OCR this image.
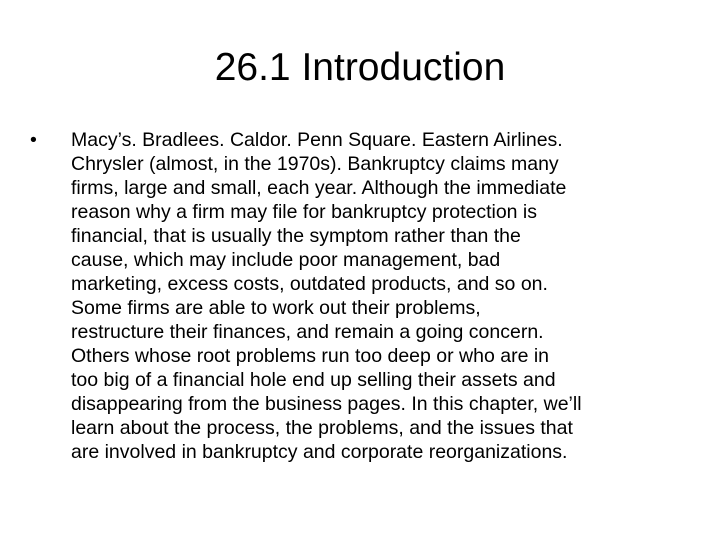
26.1 Introduction
•	Macy’s. Bradlees. Caldor. Penn Square. Eastern Airlines.
Chrysler (almost, in the 1970s). Bankruptcy claims many
firms, large and small, each year. Although the immediate
reason why a firm may file for bankruptcy protection is
financial, that is usually the symptom rather than the
cause, which may include poor management, bad
marketing, excess costs, outdated products, and so on.
Some firms are able to work out their problems,
restructure their finances, and remain a going concern.
Others whose root problems run too deep or who are in
too big of a financial hole end up selling their assets and
disappearing from the business pages. In this chapter, we’ll
learn about the process, the problems, and the issues that
are involved in bankruptcy and corporate reorganizations.
